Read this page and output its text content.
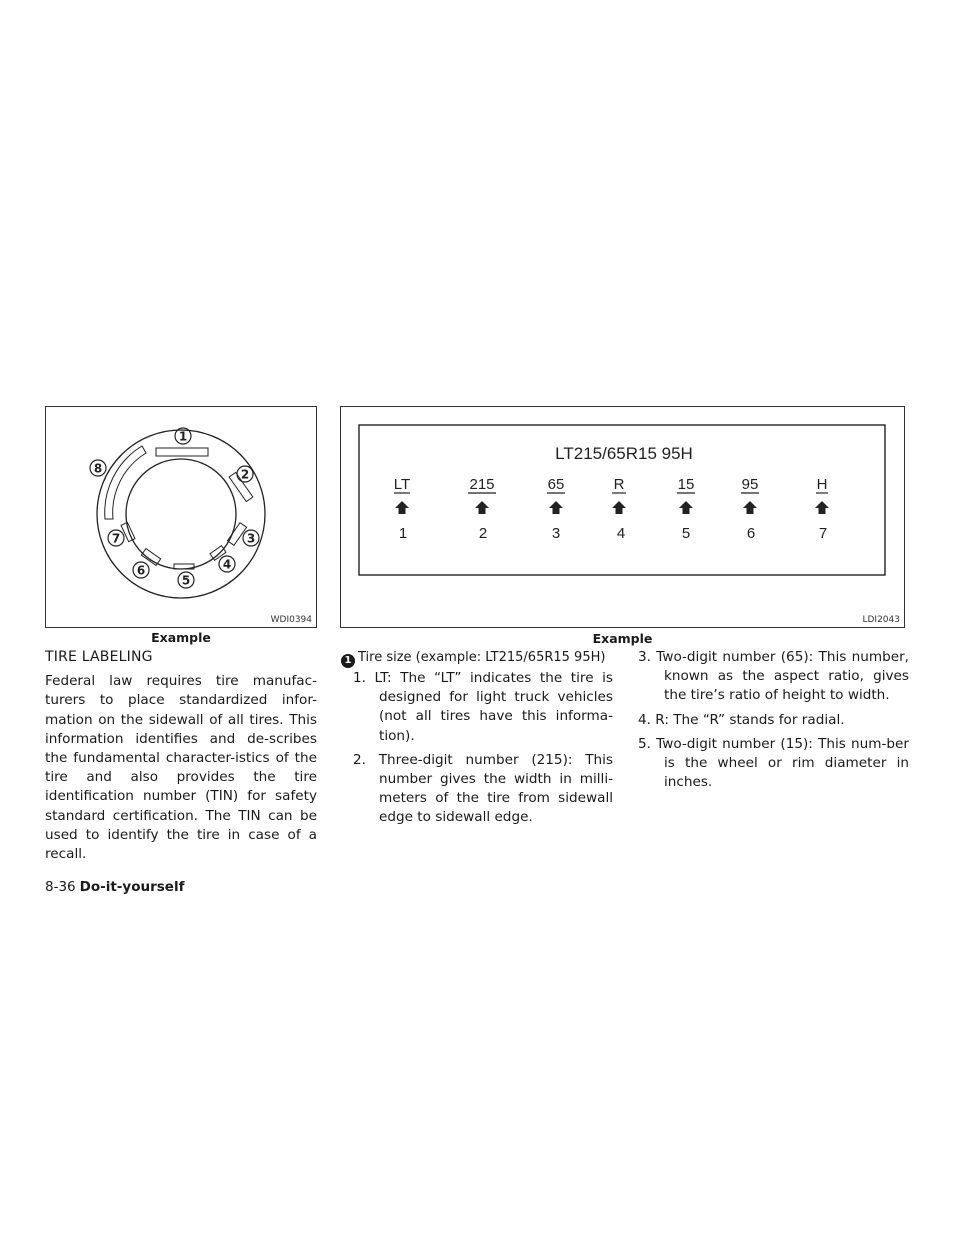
1
2
3
4
5
6
7
8
WDI0394
Example
LT215/65R15 95H
LT
1
215
2
65
3
R
4
15
5
95
6
H
7
LDI2043
Example
TIRE LABELING

Federal law requires tire manufac-turers to place standardized infor-mation on the sidewall of all tires. This information identifies and de-scribes the fundamental character-istics of the tire and also provides the tire identification number (TIN) for safety standard certification. The TIN can be used to identify the tire in case of a recall.

1 Tire size (example: LT215/65R15 95H)

1. LT: The “LT” indicates the tire is designed for light truck vehicles (not all tires have this informa-tion).

2. Three-digit number (215): This number gives the width in milli-meters of the tire from sidewall edge to sidewall edge.

3. Two-digit number (65): This number, known as the aspect ratio, gives the tire’s ratio of height to width.

4. R: The “R” stands for radial.

5. Two-digit number (15): This num-ber is the wheel or rim diameter in inches.

8-36 Do-it-yourself
